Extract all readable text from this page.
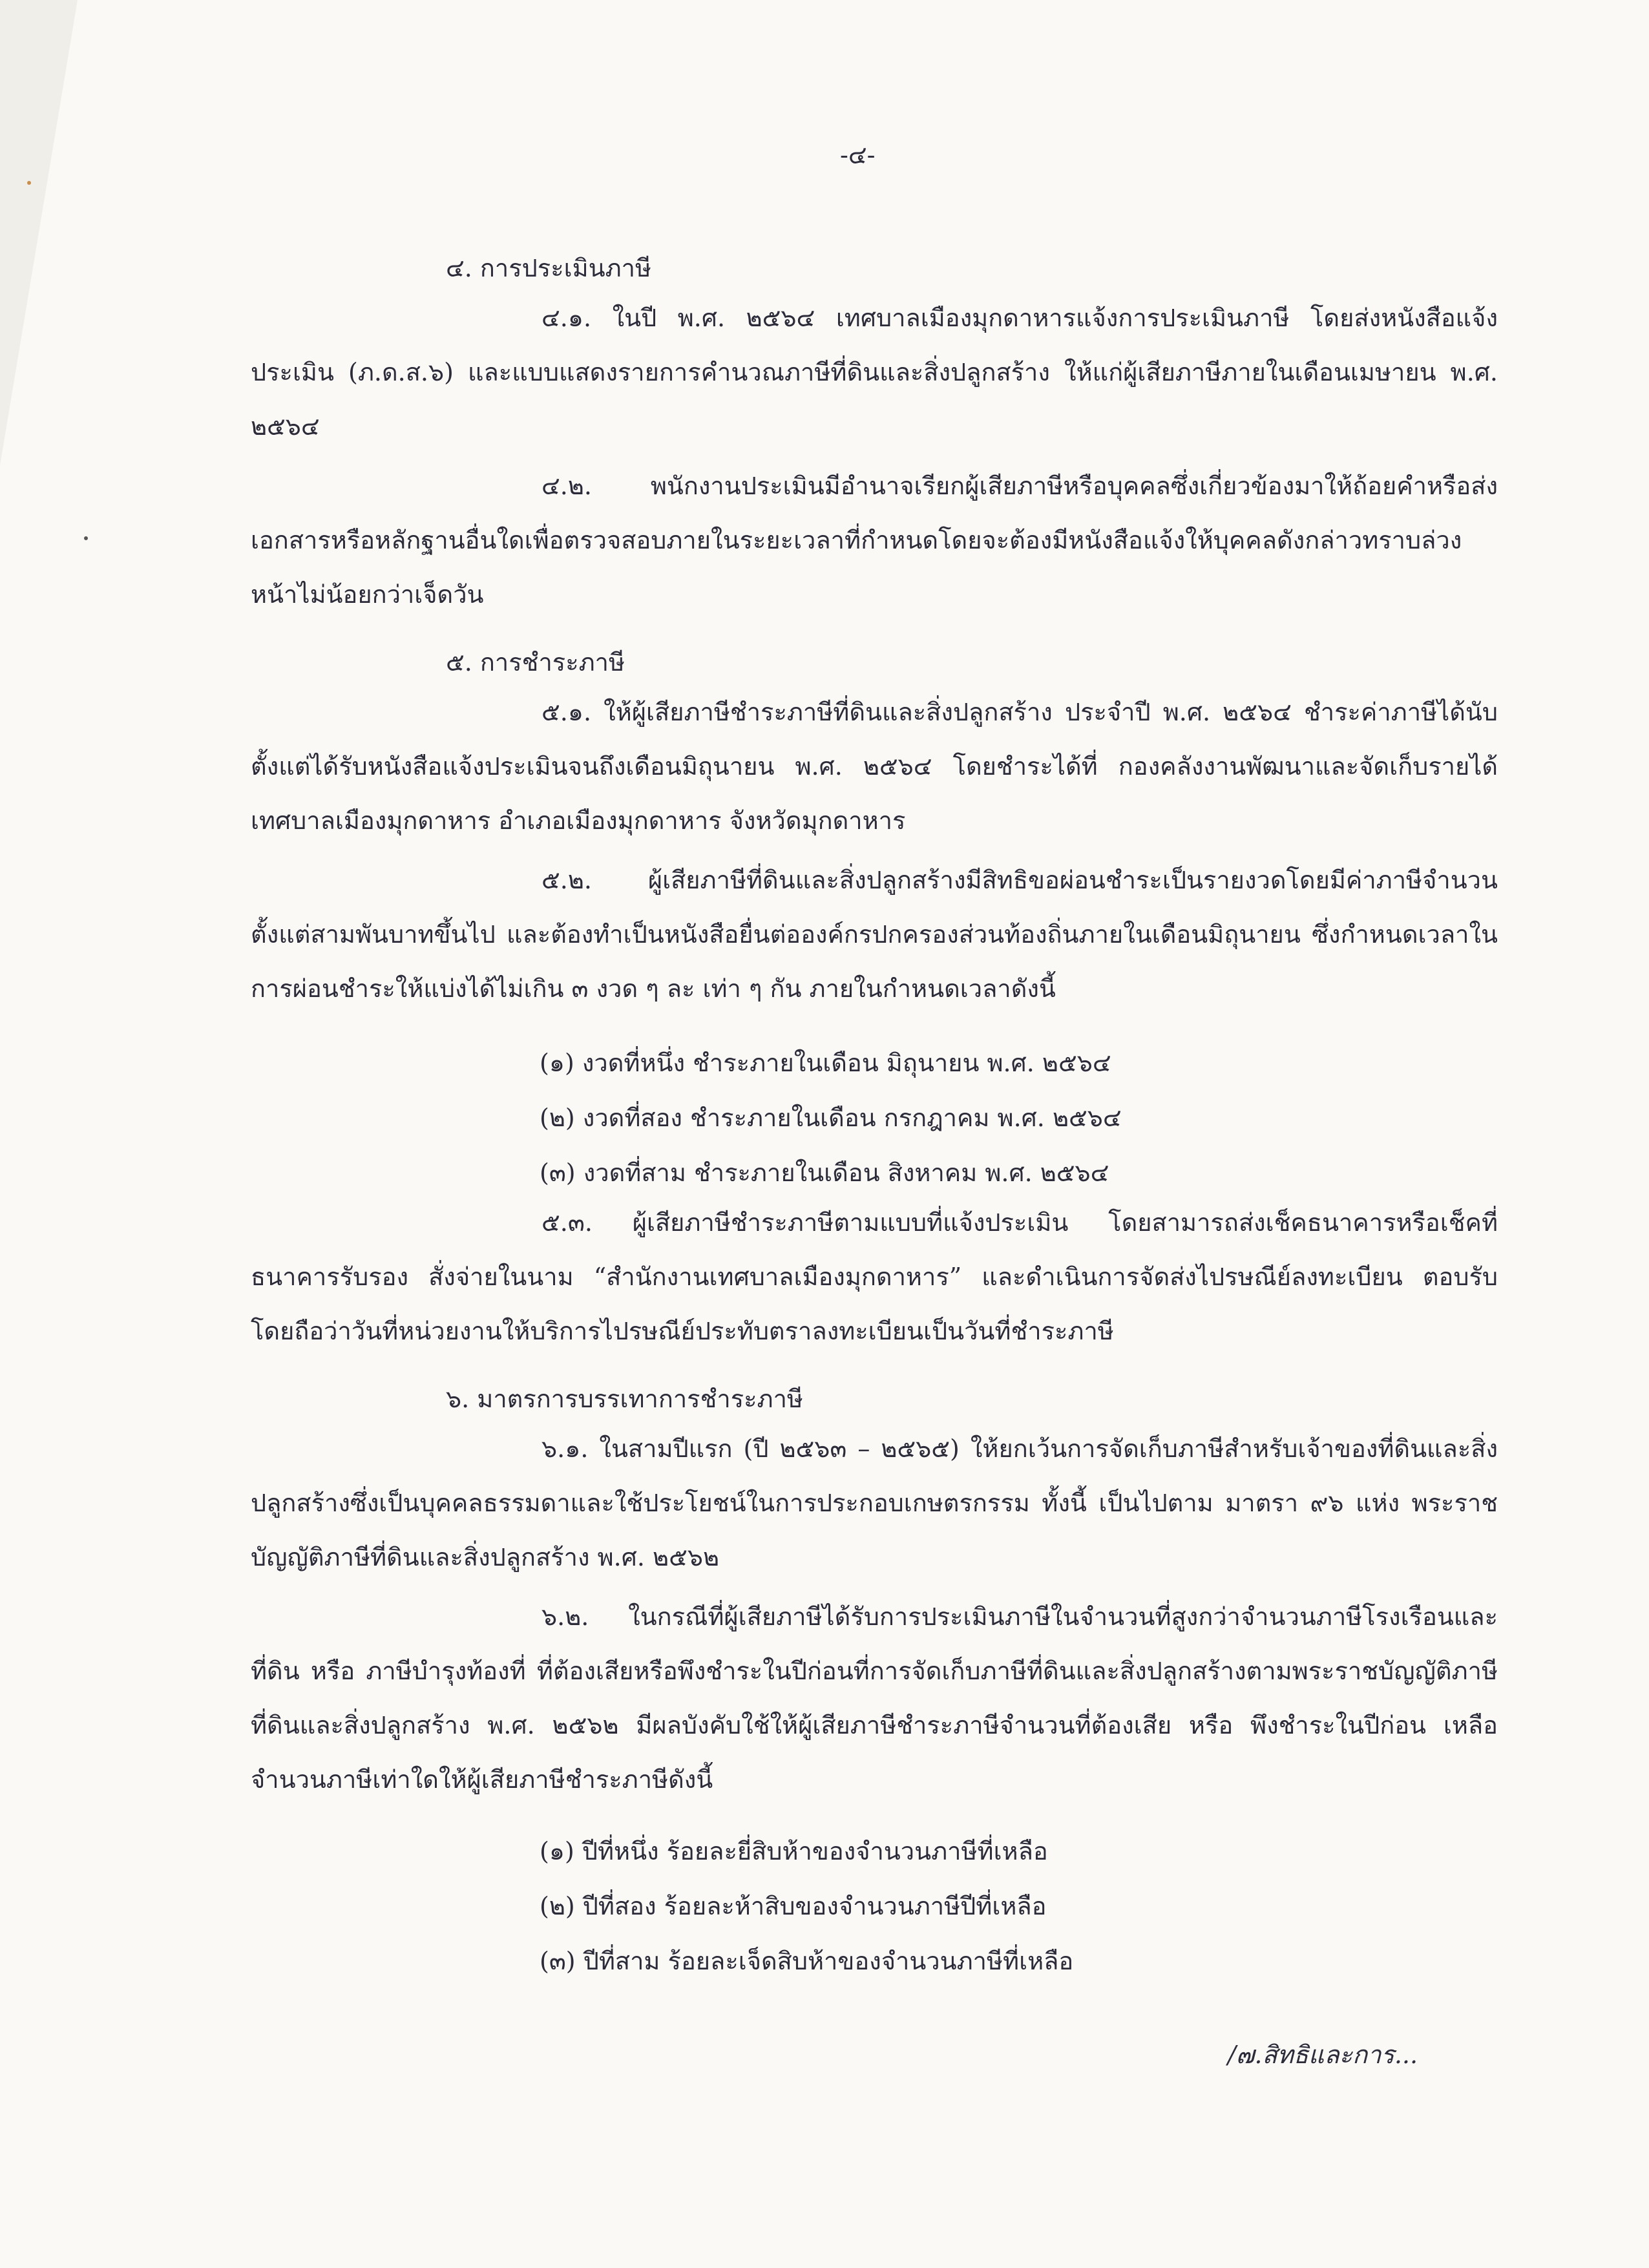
-๔-

๔. การประเมินภาษี

๔.๑. ในปี พ.ศ. ๒๕๖๔ เทศบาลเมืองมุกดาหารแจ้งการประเมินภาษี โดยส่งหนังสือแจ้งประเมิน (ภ.ด.ส.๖) และแบบแสดงรายการคำนวณภาษีที่ดินและสิ่งปลูกสร้าง ให้แก่ผู้เสียภาษีภายในเดือนเมษายน พ.ศ. ๒๕๖๔

๔.๒. พนักงานประเมินมีอำนาจเรียกผู้เสียภาษีหรือบุคคลซึ่งเกี่ยวข้องมาให้ถ้อยคำหรือส่งเอกสารหรือหลักฐานอื่นใดเพื่อตรวจสอบภายในระยะเวลาที่กำหนดโดยจะต้องมีหนังสือแจ้งให้บุคคลดังกล่าวทราบล่วงหน้าไม่น้อยกว่าเจ็ดวัน

๕. การชำระภาษี

๕.๑. ให้ผู้เสียภาษีชำระภาษีที่ดินและสิ่งปลูกสร้าง ประจำปี พ.ศ. ๒๕๖๔ ชำระค่าภาษีได้นับตั้งแต่ได้รับหนังสือแจ้งประเมินจนถึงเดือนมิถุนายน พ.ศ. ๒๕๖๔ โดยชำระได้ที่ กองคลังงานพัฒนาและจัดเก็บรายได้ เทศบาลเมืองมุกดาหาร อำเภอเมืองมุกดาหาร จังหวัดมุกดาหาร

๕.๒. ผู้เสียภาษีที่ดินและสิ่งปลูกสร้างมีสิทธิขอผ่อนชำระเป็นรายงวดโดยมีค่าภาษีจำนวนตั้งแต่สามพันบาทขึ้นไป และต้องทำเป็นหนังสือยื่นต่อองค์กรปกครองส่วนท้องถิ่นภายในเดือนมิถุนายน ซึ่งกำหนดเวลาในการผ่อนชำระให้แบ่งได้ไม่เกิน ๓ งวด ๆ ละ เท่า ๆ กัน ภายในกำหนดเวลาดังนี้

(๑) งวดที่หนึ่ง ชำระภายในเดือน มิถุนายน พ.ศ. ๒๕๖๔

(๒) งวดที่สอง ชำระภายในเดือน กรกฎาคม พ.ศ. ๒๕๖๔

(๓) งวดที่สาม ชำระภายในเดือน สิงหาคม พ.ศ. ๒๕๖๔

๕.๓. ผู้เสียภาษีชำระภาษีตามแบบที่แจ้งประเมิน โดยสามารถส่งเช็คธนาคารหรือเช็คที่ธนาคารรับรอง สั่งจ่ายในนาม “สำนักงานเทศบาลเมืองมุกดาหาร” และดำเนินการจัดส่งไปรษณีย์ลงทะเบียน ตอบรับ โดยถือว่าวันที่หน่วยงานให้บริการไปรษณีย์ประทับตราลงทะเบียนเป็นวันที่ชำระภาษี

๖. มาตรการบรรเทาการชำระภาษี

๖.๑. ในสามปีแรก (ปี ๒๕๖๓ – ๒๕๖๕) ให้ยกเว้นการจัดเก็บภาษีสำหรับเจ้าของที่ดินและสิ่งปลูกสร้างซึ่งเป็นบุคคลธรรมดาและใช้ประโยชน์ในการประกอบเกษตรกรรม ทั้งนี้ เป็นไปตาม มาตรา ๙๖ แห่ง พระราชบัญญัติภาษีที่ดินและสิ่งปลูกสร้าง พ.ศ. ๒๕๖๒

๖.๒. ในกรณีที่ผู้เสียภาษีได้รับการประเมินภาษีในจำนวนที่สูงกว่าจำนวนภาษีโรงเรือนและที่ดิน หรือ ภาษีบำรุงท้องที่ ที่ต้องเสียหรือพึงชำระในปีก่อนที่การจัดเก็บภาษีที่ดินและสิ่งปลูกสร้างตามพระราชบัญญัติภาษีที่ดินและสิ่งปลูกสร้าง พ.ศ. ๒๕๖๒ มีผลบังคับใช้ให้ผู้เสียภาษีชำระภาษีจำนวนที่ต้องเสีย หรือ พึงชำระในปีก่อน เหลือจำนวนภาษีเท่าใดให้ผู้เสียภาษีชำระภาษีดังนี้

(๑) ปีที่หนึ่ง ร้อยละยี่สิบห้าของจำนวนภาษีที่เหลือ

(๒) ปีที่สอง ร้อยละห้าสิบของจำนวนภาษีปีที่เหลือ

(๓) ปีที่สาม ร้อยละเจ็ดสิบห้าของจำนวนภาษีที่เหลือ

/๗.สิทธิและการ...
